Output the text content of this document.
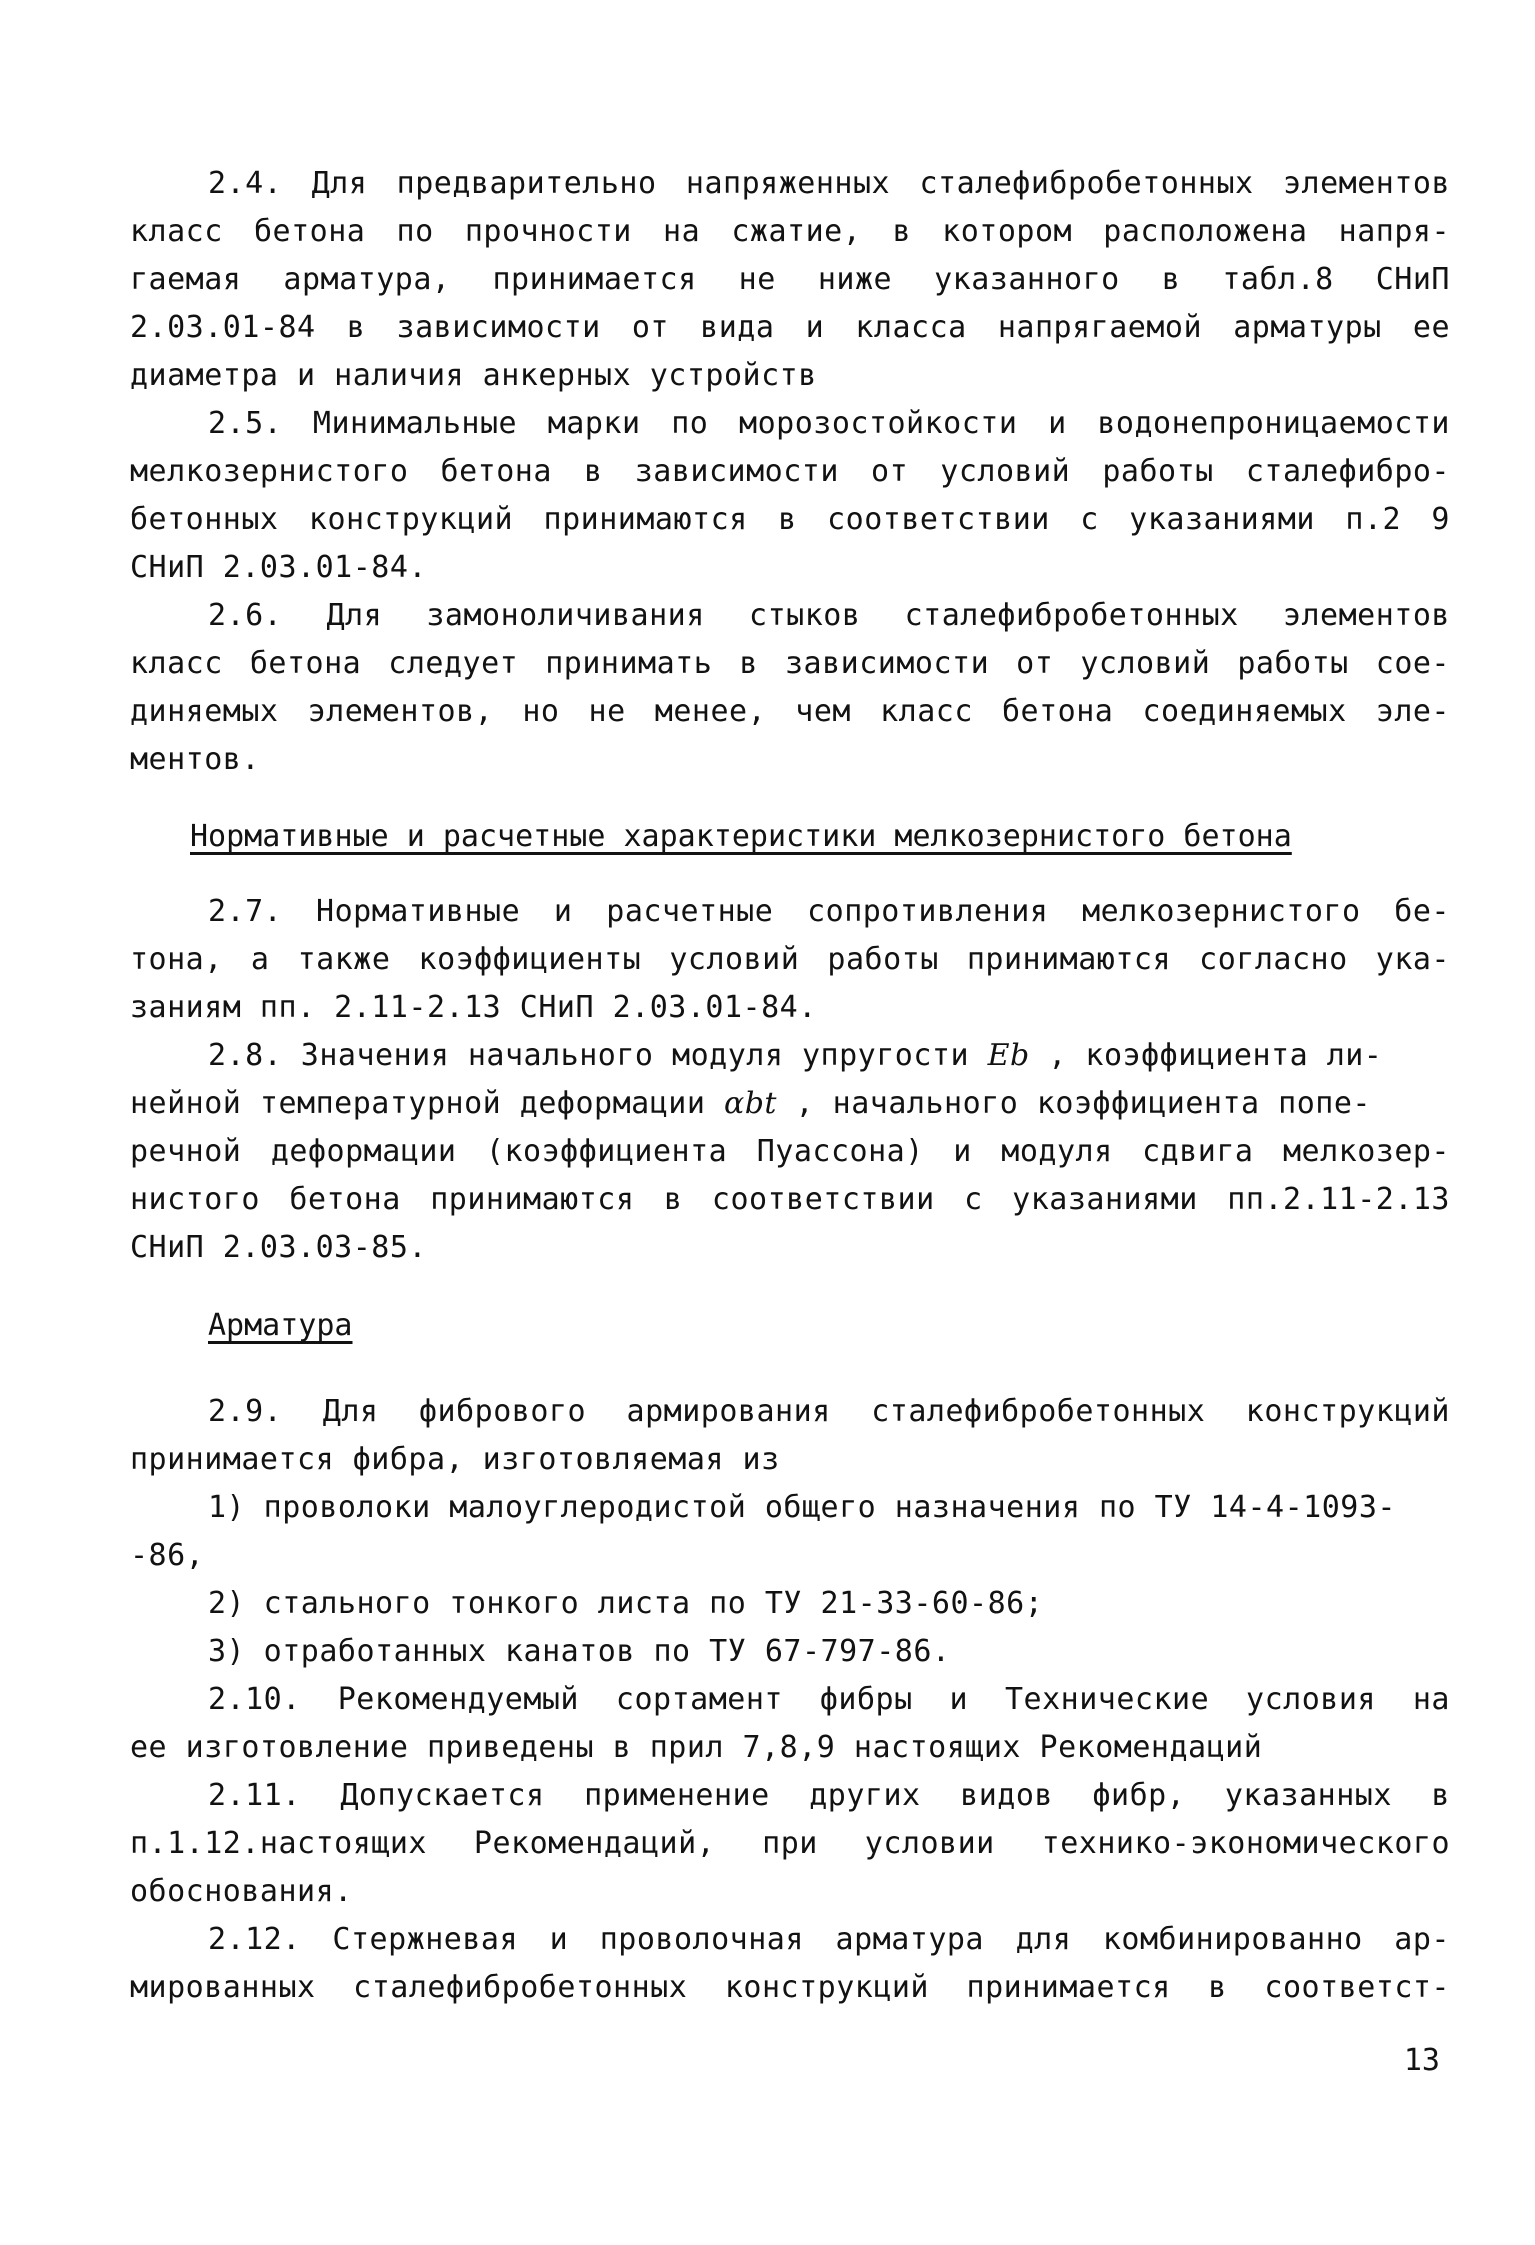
2.4. Для предварительно напряженных сталефибробетонных элементов
класс бетона по прочности на сжатие, в котором расположена напря-
гаемая арматура, принимается не ниже указанного в табл.8 СНиП
2.03.01-84 в зависимости от вида и класса напрягаемой арматуры ее
диаметра и наличия анкерных устройств
2.5. Минимальные марки по морозостойкости и водонепроницаемости
мелкозернистого бетона в зависимости от условий работы сталефибро-
бетонных конструкций принимаются в соответствии с указаниями п.2 9
СНиП 2.03.01-84.
2.6. Для замоноличивания стыков сталефибробетонных элементов
класс бетона следует принимать в зависимости от условий работы сое-
диняемых элементов, но не менее, чем класс бетона соединяемых эле-
ментов.
Нормативные и расчетные характеристики мелкозернистого бетона
2.7. Нормативные и расчетные сопротивления мелкозернистого бе-
тона, а также коэффициенты условий работы принимаются согласно ука-
заниям пп. 2.11-2.13 СНиП 2.03.01-84.
2.8. Значения начального модуля упругости Eb , коэффициента ли-
нейной температурной деформации αbt , начального коэффициента попе-
речной деформации (коэффициента Пуассона) и модуля сдвига мелкозер-
нистого бетона принимаются в соответствии с указаниями пп.2.11-2.13
СНиП 2.03.03-85.
Арматура
2.9. Для фибрового армирования сталефибробетонных конструкций
принимается фибра, изготовляемая из
1) проволоки малоуглеродистой общего назначения по ТУ 14-4-1093-
-86,
2) стального тонкого листа по ТУ 21-33-60-86;
3) отработанных канатов по ТУ 67-797-86.
2.10. Рекомендуемый сортамент фибры и Технические условия на
ее изготовление приведены в прил 7,8,9 настоящих Рекомендаций
2.11. Допускается применение других видов фибр, указанных в
п.1.12.настоящих Рекомендаций, при условии технико-экономического
обоснования.
2.12. Стержневая и проволочная арматура для комбинированно ар-
мированных сталефибробетонных конструкций принимается в соответст-
13
